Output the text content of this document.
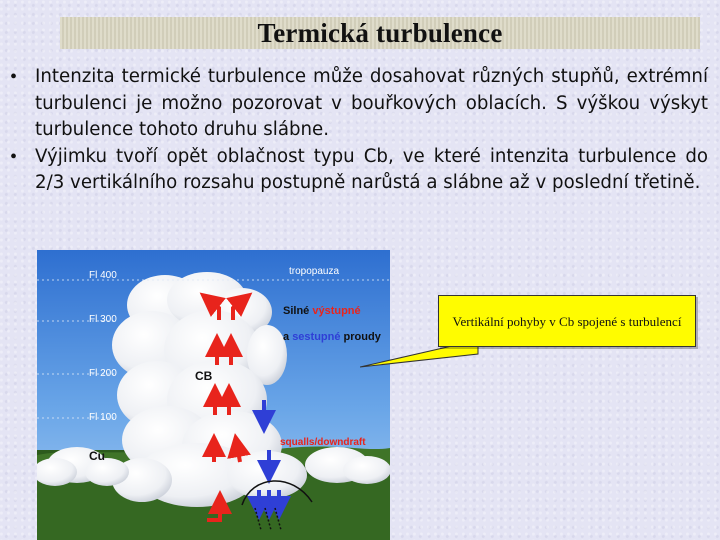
Termická turbulence
• Intenzita termické turbulence může dosahovat různých stupňů, extrémní turbulenci je možno pozorovat v bouřkových oblacích. S výškou výskyt turbulence tohoto druhu slábne.
• Výjimku tvoří opět oblačnost typu Cb, ve které intenzita turbulence do 2/3 vertikálního rozsahu postupně narůstá a slábne až v poslední třetině.
Fl 400
Fl 300
Fl 200
Fl 100
tropopauza
Silné výstupné
a sestupné proudy
CB
Cu
squalls/downdraft
Vertikální pohyby v Cb spojené s turbulencí
